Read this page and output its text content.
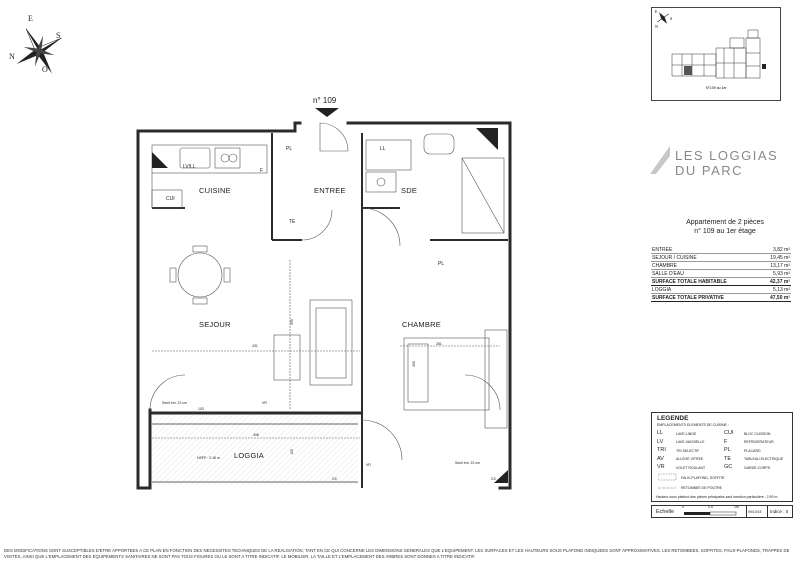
E
S
N
O
E
S
N
N°109 au 1er
n° 109
CUISINE	ENTREE	SDE
SEJOUR	CHAMBRE
LOGGIA
PL	LL
LV/LL
F
CUI
TE
PL
VR
VR
GC	GC
431
390
281
405
406
125
103
HSFP : 2.18 m
Seuil ém. 22 cm
Seuil ém. 22 cm
LES LOGGIAS
DU PARC
Appartement de 2 pièces
n° 109 au 1er étage
ENTREE	3,82 m²
SEJOUR / CUISINE	19,45 m²
CHAMBRE	13,17 m²
SALLE D'EAU	5,93 m²
SURFACE TOTALE HABITABLE	42,37 m²
LOGGIA	5,13 m²
SURFACE TOTALE PRIVATIVE	47,50 m²
LEGENDE
EMPLACEMENTS ELEMENTS DE CUISINE :
LL	LAVE-LINGE
LV	LAVE-VAISSELLE
TRI	TRI SELECTIF
AV	ALLEGE VITREE
VR	VOLET ROULANT
CUI	BLOC CUISSON
F	REFRIGERATEUR
PL	PLACARD
TE	TABLEAU ELECTRIQUE
GC	GARDE-CORPS
FAUX-PLAFOND, SOFFITE
RETOMBEE DE POUTRE
Hauteur sous plafond des pièces principales sauf mention particulière : 2.50 m
Echelle
0	0.5	1m
09/10/15 Indice : 0
DES MODIFICATIONS SONT SUSCEPTIBLES D'ETRE APPORTEES A CE PLAN EN FONCTION DES NECESSITES TECHNIQUES DE LA REALISATION, TANT EN CE QUI CONCERNE LES DIMENSIONS GENERALES QUE L'EQUIPEMENT. LES SURFACES ET LES HAUTEURS SOUS PLAFOND INDIQUEES SONT APPROXIMATIVES. LES RETOMBEES, SOFFITES, FAUX-PLAFONDS, TRAPPES DE VISITES, AINSI QUE L'EMPLACEMENT DES EQUIPEMENTS SANITAIRES NE SONT PAS TOUS FIGURES OU LE SONT A TITRE INDICATIF. LE MOBILIER, LA TAILLE ET L'EMPLACEMENT DES ARBRES SONT DONNES A TITRE INDICATIF.
